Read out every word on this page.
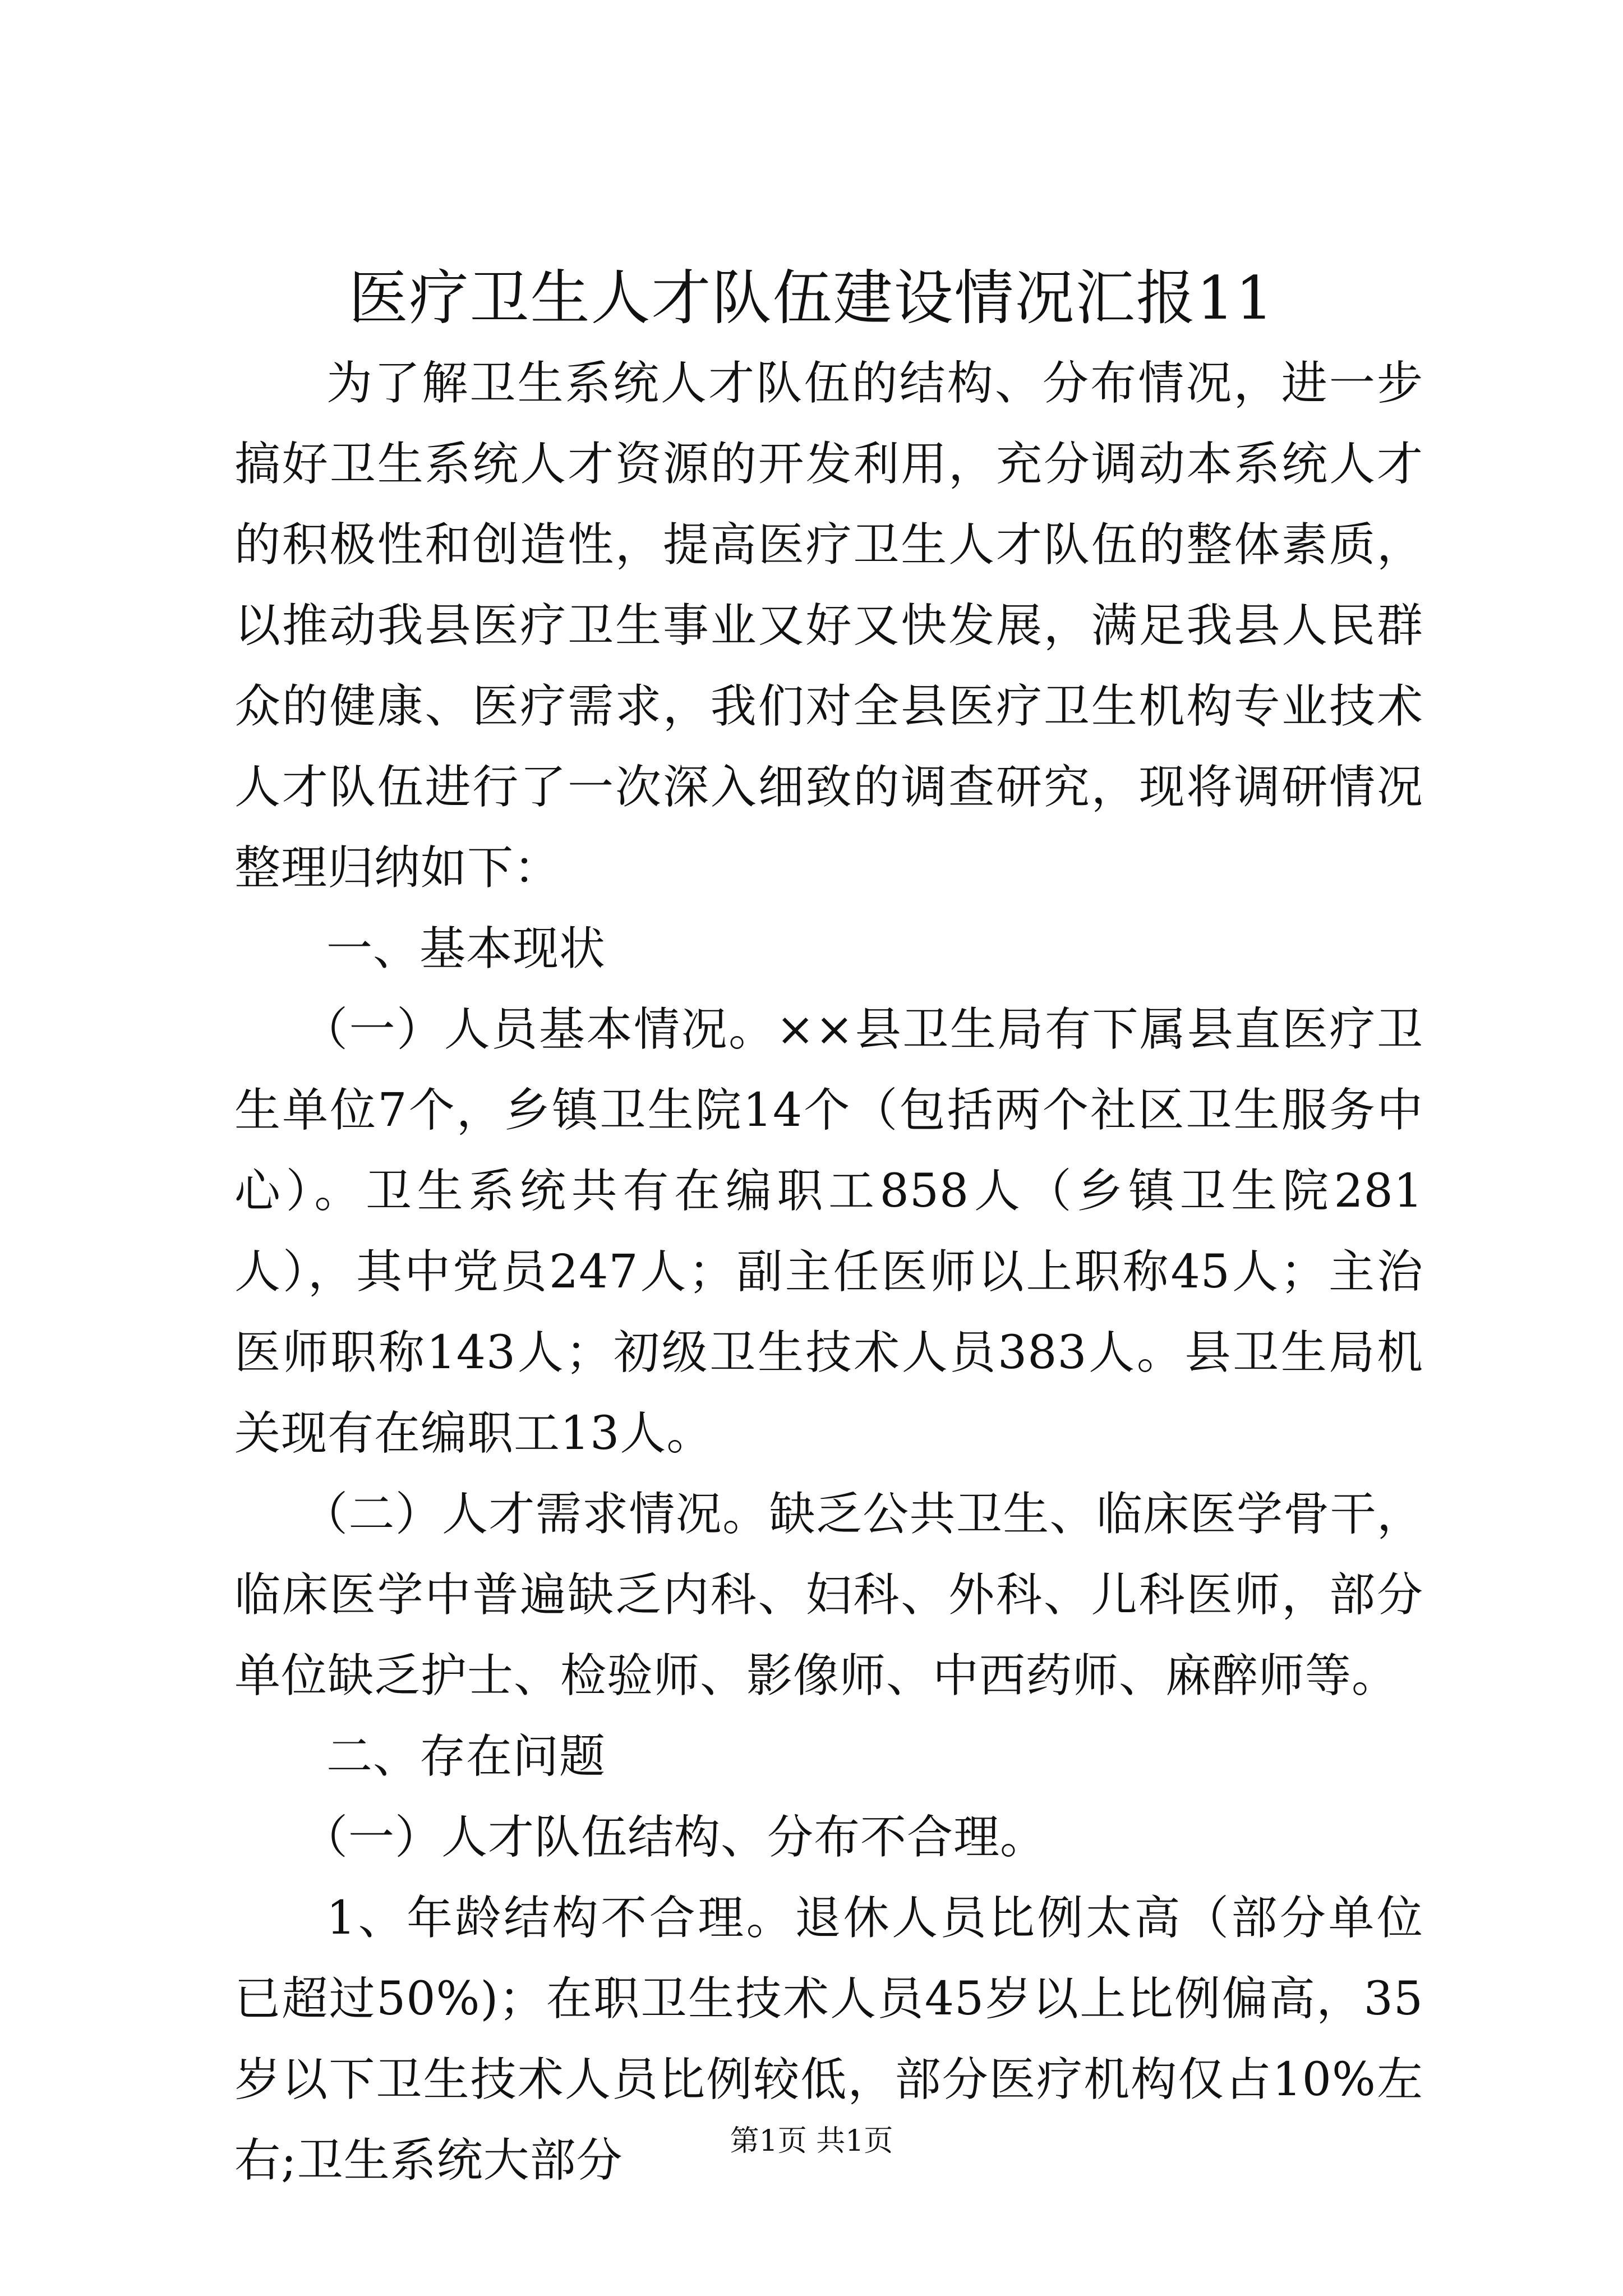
医疗卫生人才队伍建设情况汇报11

为了解卫生系统人才队伍的结构、分布情况，进一步搞好卫生系统人才资源的开发利用，充分调动本系统人才的积极性和创造性，提高医疗卫生人才队伍的整体素质，以推动我县医疗卫生事业又好又快发展，满足我县人民群众的健康、医疗需求，我们对全县医疗卫生机构专业技术人才队伍进行了一次深入细致的调查研究，现将调研情况整理归纳如下：

一、基本现状

（一）人员基本情况。××县卫生局有下属县直医疗卫生单位7个，乡镇卫生院14个（包括两个社区卫生服务中心）。卫生系统共有在编职工858人（乡镇卫生院281人），其中党员247人；副主任医师以上职称45人；主治医师职称143人；初级卫生技术人员383人。县卫生局机关现有在编职工13人。

（二）人才需求情况。缺乏公共卫生、临床医学骨干，临床医学中普遍缺乏内科、妇科、外科、儿科医师，部分单位缺乏护士、检验师、影像师、中西药师、麻醉师等。

二、存在问题

（一）人才队伍结构、分布不合理。

1、年龄结构不合理。退休人员比例太高（部分单位已超过50%)；在职卫生技术人员45岁以上比例偏高，35岁以下卫生技术人员比例较低，部分医疗机构仅占10%左右;卫生系统大部分	第1页 共1页
